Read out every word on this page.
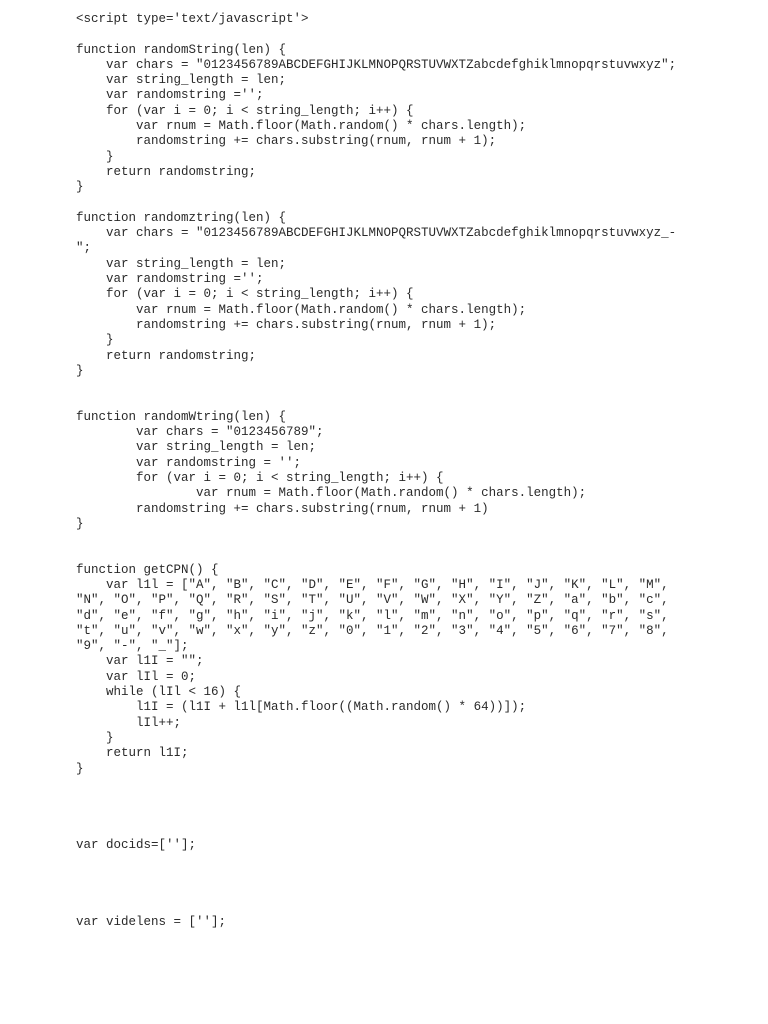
<script type='text/javascript'>
function randomString(len) {
var chars = "0123456789ABCDEFGHIJKLMNOPQRSTUVWXTZabcdefghiklmnopqrstuvwxyz";
var string_length = len;
var randomstring ='';
for (var i = 0; i < string_length; i++) {
var rnum = Math.floor(Math.random() * chars.length);
randomstring += chars.substring(rnum, rnum + 1);
}
return randomstring;
}
function randomztring(len) {
var chars = "0123456789ABCDEFGHIJKLMNOPQRSTUVWXTZabcdefghiklmnopqrstuvwxyz_-
";
var string_length = len;
var randomstring ='';
for (var i = 0; i < string_length; i++) {
var rnum = Math.floor(Math.random() * chars.length);
randomstring += chars.substring(rnum, rnum + 1);
}
return randomstring;
}
function randomWtring(len) {
var chars = "0123456789";
var string_length = len;
var randomstring = '';
for (var i = 0; i < string_length; i++) {
var rnum = Math.floor(Math.random() * chars.length);
randomstring += chars.substring(rnum, rnum + 1)
}
function getCPN() {
var l1l = ["A", "B", "C", "D", "E", "F", "G", "H", "I", "J", "K", "L", "M",
"N", "O", "P", "Q", "R", "S", "T", "U", "V", "W", "X", "Y", "Z", "a", "b", "c",
"d", "e", "f", "g", "h", "i", "j", "k", "l", "m", "n", "o", "p", "q", "r", "s",
"t", "u", "v", "w", "x", "y", "z", "0", "1", "2", "3", "4", "5", "6", "7", "8",
"9", "-", "_"];
var l1I = "";
var lIl = 0;
while (lIl < 16) {
l1I = (l1I + l1l[Math.floor((Math.random() * 64))]);
lIl++;
}
return l1I;
}
var docids=[''];
var videlens = [''];
